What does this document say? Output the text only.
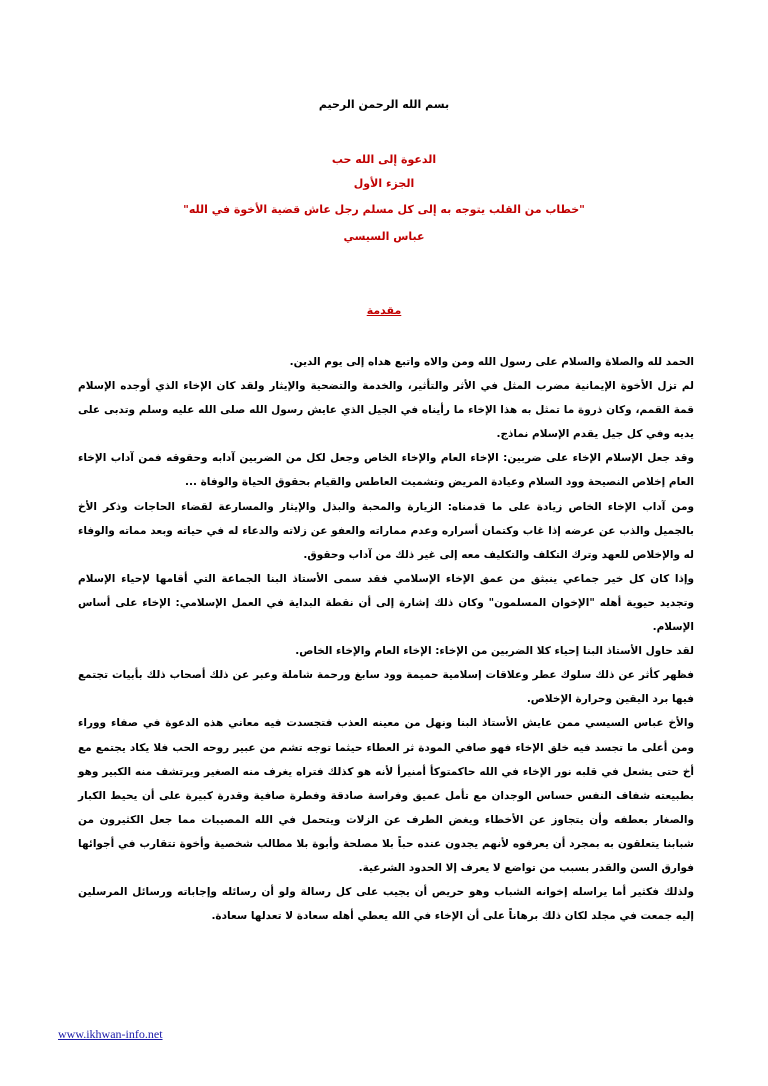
بسم الله الرحمن الرحيم
الدعوة إلى الله حب
الجزء الأول
"خطاب من القلب يتوجه به إلى كل مسلم رجل عاش قضية الأخوة في الله"
عباس السيسي
مقدمة

الحمد لله والصلاة والسلام على رسول الله ومن والاه واتبع هداه إلى يوم الدين.

لم تزل الأخوة الإيمانية مضرب المثل في الأثر والتأثير، والخدمة والتضحية والإيثار ولقد كان الإخاء الذي أوجده الإسلام قمة القمم، وكان ذروة ما تمثل به هذا الإخاء ما رأيناه في الجيل الذي عايش رسول الله صلى الله عليه وسلم وتدبى على يديه وفي كل جيل يقدم الإسلام نماذج.

وقد جعل الإسلام الإخاء على ضربين: الإخاء العام والإخاء الخاص وجعل لكل من الضربين آدابه وحقوقه فمن آداب الإخاء العام إخلاص النصيحة وود السلام وعيادة المريض وتشميت العاطس والقيام بحقوق الحياة والوفاة ...

ومن آداب الإخاء الخاص زيادة على ما قدمناه: الزيارة والمحبة والبذل والإيثار والمسارعة لقضاء الحاجات وذكر الأخ بالجميل والذب عن عرضه إذا غاب وكتمان أسراره وعدم مماراته والعفو عن زلاته والدعاء له في حياته وبعد مماته والوفاء له والإخلاص للعهد وترك التكلف والتكليف معه إلى غير ذلك من آداب وحقوق.

وإذا كان كل خير جماعي ينبثق من عمق الإخاء الإسلامي فقد سمى الأستاذ البنا الجماعة التي أقامها لإحياء الإسلام وتجديد حيوية أهله "الإخوان المسلمون" وكان ذلك إشارة إلى أن نقطة البداية في العمل الإسلامي: الإخاء على أساس الإسلام.

لقد حاول الأستاذ البنا إحياء كلا الضربين من الإخاء: الإخاء العام والإخاء الخاص.

فظهر كأثر عن ذلك سلوك عطر وعلاقات إسلامية حميمة وود سابغ ورحمة شاملة وعبر عن ذلك أصحاب ذلك بأبيات تجتمع فيها برد اليقين وحرارة الإخلاص.

والأخ عباس السيسي ممن عايش الأستاذ البنا ونهل من معينه العذب فتجسدت فيه معاني هذه الدعوة في صفاء ووراء ومن أعلى ما تجسد فيه خلق الإخاء فهو صافي المودة ثر العطاء حيثما توجه تشم من عبير روحه الحب فلا يكاد يجتمع مع أخ حتى يشعل في قلبه نور الإخاء في الله حاكمتوكأ أمنيرأ لأنه هو كذلك فتراه يغرف منه الصغير ويرتشف منه الكبير وهو بطبيعته شفاف النفس حساس الوجدان مع تأمل عميق وفراسة صادقة وفطرة صافية وقدرة كبيرة على أن يحيط الكبار والصغار بعطفه وأن يتجاوز عن الأخطاء ويغض الطرف عن الزلات ويتحمل في الله المصيبات مما جعل الكثيرون من شبابنا يتعلقون به بمجرد أن يعرفوه لأنهم يجدون عنده حباً بلا مصلحة وأبوة بلا مطالب شخصية وأخوة تتقارب في أجوائها فوارق السن والقدر بسبب من تواضع لا يعرف إلا الحدود الشرعية.

ولذلك فكثير أما يراسله إخوانه الشباب وهو حريص أن يجيب على كل رسالة ولو أن رسائله وإجاباته ورسائل المرسلين إليه جمعت في مجلد لكان ذلك برهاناً على أن الإخاء في الله يعطي أهله سعادة لا تعدلها سعادة.

www.ikhwan-info.net
